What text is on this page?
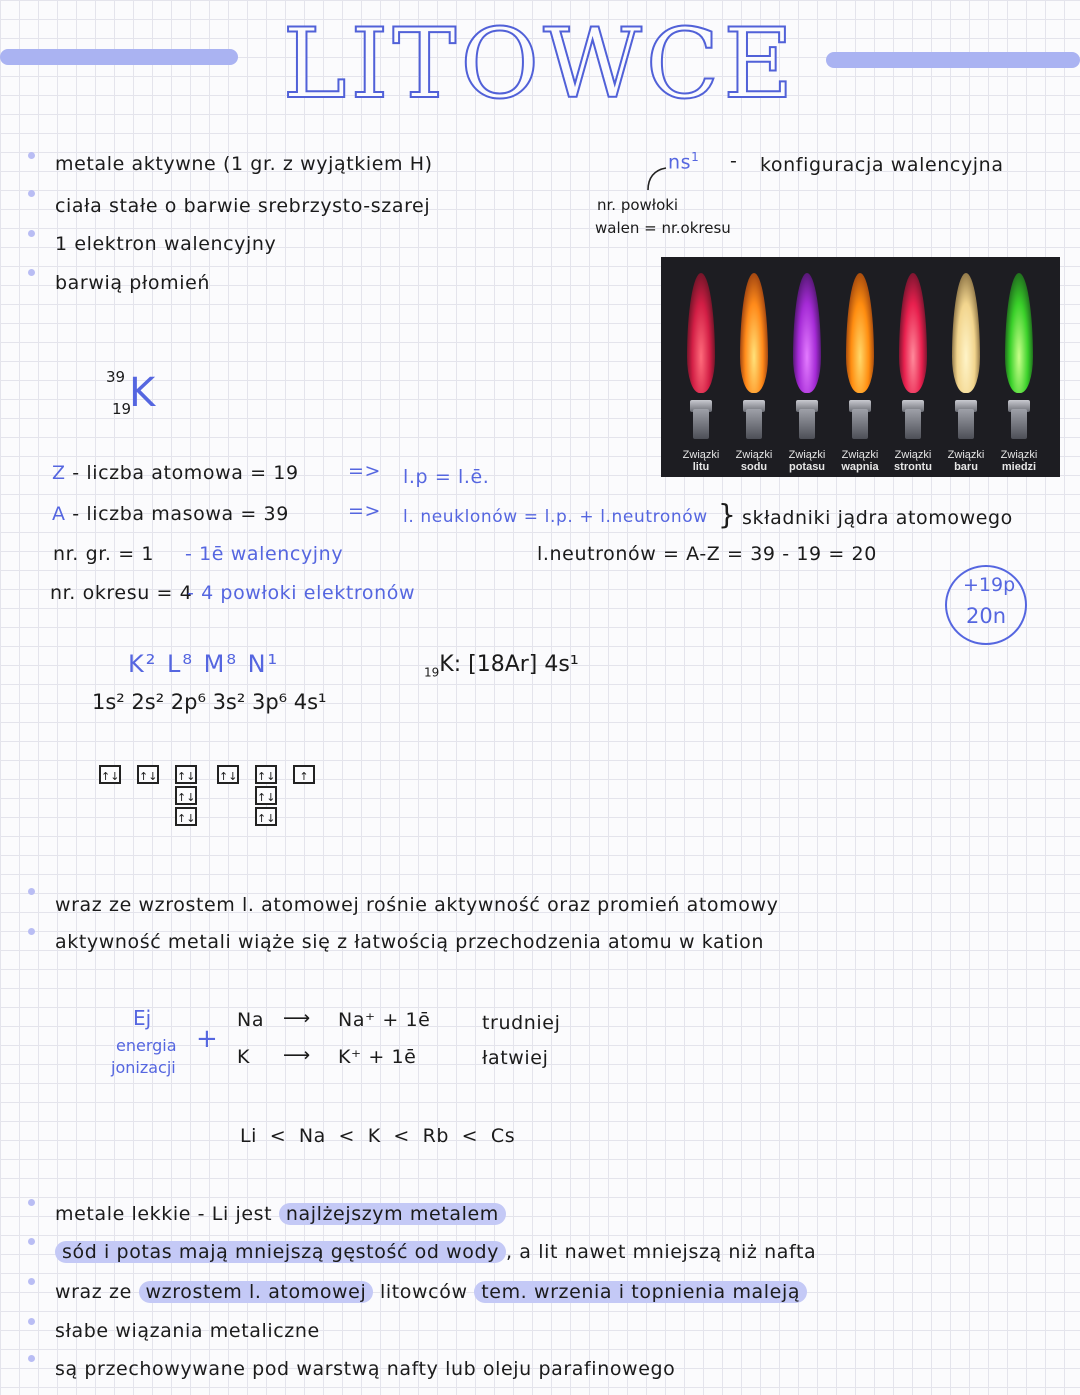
LITOWCE
metale aktywne (1 gr. z wyjątkiem H)
ciała stałe o barwie srebrzysto-szarej
1 elektron walencyjny
barwią płomień
$ns^1$ - konfiguracja walencyjna
nr. powłoki
walen = nr.okresu
Związki
litu
Związki
sodu
Związki
potasu
Związki
wapnia
Związki
strontu
Związki
baru
Związki
miedzi
39
19
K
Z - liczba atomowa = 19	=> l.p = l.ē.
A - liczba masowa = 39	=> l. neuklonów = l.p. + l.neutronów } składniki jądra atomowego
nr. gr. = 1 - 1ē walencyjny	l.neutronów = A-Z = 39 - 19 = 20
nr. okresu = 4
- 4 powłoki elektronów	+19p
20n
K² L⁸ M⁸ N¹
1s² 2s² 2p⁶ 3s² 3p⁶ 4s¹
$_{19}$K: [18Ar] 4s¹
↑↓ ↑↓ ↑↓
↑↓
↑↓
↑↓ ↑↓
↑↓
↑↓
↑
wraz ze wzrostem l. atomowej rośnie aktywność oraz promień atomowy
aktywność metali wiąże się z łatwością przechodzenia atomu w kation
Ej
energia
jonizacji
+
Na ⟶ Na⁺ + 1ē	trudniej
K ⟶ K⁺ + 1ē	łatwiej
Li < Na < K < Rb < Cs
metale lekkie - Li jest najlżejszym metalem
sód i potas mają mniejszą gęstość od wody , a lit nawet mniejszą niż nafta
wraz ze wzrostem l. atomowej litowców tem. wrzenia i topnienia maleją
słabe wiązania metaliczne
są przechowywane pod warstwą nafty lub oleju parafinowego
